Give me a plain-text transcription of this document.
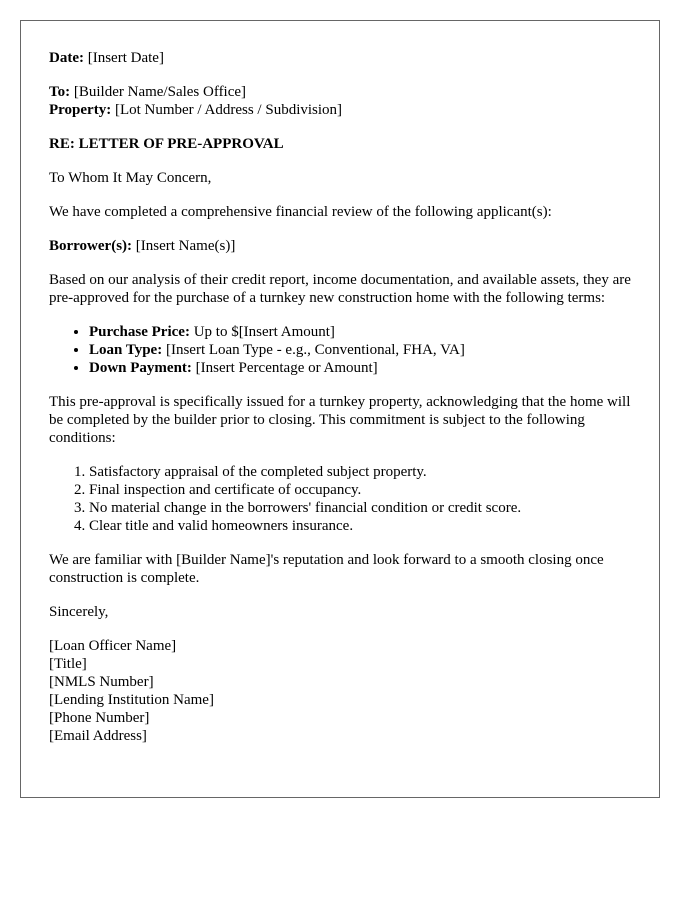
Date: [Insert Date]

To: [Builder Name/Sales Office]
Property: [Lot Number / Address / Subdivision]

RE: LETTER OF PRE-APPROVAL

To Whom It May Concern,

We have completed a comprehensive financial review of the following applicant(s):

Borrower(s): [Insert Name(s)]

Based on our analysis of their credit report, income documentation, and available assets, they are pre-approved for the purchase of a turnkey new construction home with the following terms:

• Purchase Price: Up to $[Insert Amount]
• Loan Type: [Insert Loan Type - e.g., Conventional, FHA, VA]
• Down Payment: [Insert Percentage or Amount]

This pre-approval is specifically issued for a turnkey property, acknowledging that the home will be completed by the builder prior to closing. This commitment is subject to the following conditions:

1. Satisfactory appraisal of the completed subject property.
2. Final inspection and certificate of occupancy.
3. No material change in the borrowers' financial condition or credit score.
4. Clear title and valid homeowners insurance.

We are familiar with [Builder Name]'s reputation and look forward to a smooth closing once construction is complete.

Sincerely,

[Loan Officer Name]

[Title]

[NMLS Number]

[Lending Institution Name]

[Phone Number]

[Email Address]
